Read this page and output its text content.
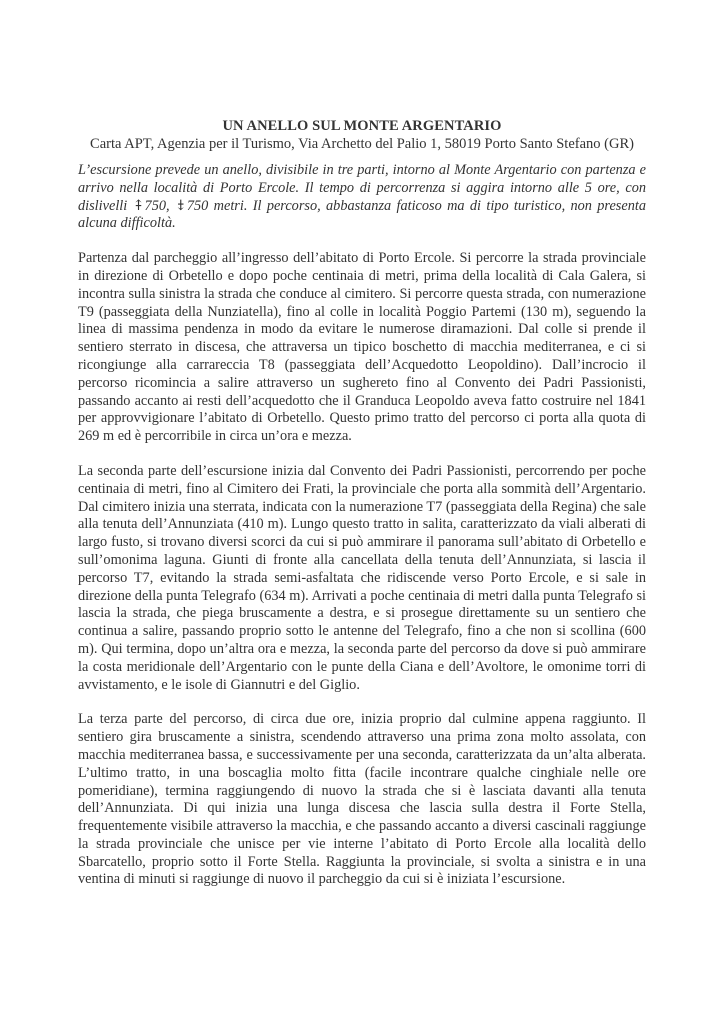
UN ANELLO SUL MONTE ARGENTARIO

Carta APT, Agenzia per il Turismo, Via Archetto del Palio 1, 58019 Porto Santo Stefano (GR)

L’escursione prevede un anello, divisibile in tre parti, intorno al Monte Argentario con partenza e arrivo nella località di Porto Ercole. Il tempo di percorrenza si aggira intorno alle 5 ore, con dislivelli ⤉750, ⤈750 metri. Il percorso, abbastanza faticoso ma di tipo turistico, non presenta alcuna difficoltà.

Partenza dal parcheggio all’ingresso dell’abitato di Porto Ercole. Si percorre la strada provinciale in direzione di Orbetello e dopo poche centinaia di metri, prima della località di Cala Galera, si incontra sulla sinistra la strada che conduce al cimitero. Si percorre questa strada, con numerazione T9 (passeggiata della Nunziatella), fino al colle in località Poggio Partemi (130 m), seguendo la linea di massima pendenza in modo da evitare le numerose diramazioni. Dal colle si prende il sentiero sterrato in discesa, che attraversa un tipico boschetto di macchia mediterranea, e ci si ricongiunge alla carrareccia T8 (passeggiata dell’Acquedotto Leopoldino). Dall’incrocio il percorso ricomincia a salire attraverso un sughereto fino al Convento dei Padri Passionisti, passando accanto ai resti dell’acquedotto che il Granduca Leopoldo aveva fatto costruire nel 1841 per approvvigionare l’abitato di Orbetello. Questo primo tratto del percorso ci porta alla quota di 269 m ed è percorribile in circa un’ora e mezza.

La seconda parte dell’escursione inizia dal Convento dei Padri Passionisti, percorrendo per poche centinaia di metri, fino al Cimitero dei Frati, la provinciale che porta alla sommità dell’Argentario. Dal cimitero inizia una sterrata, indicata con la numerazione T7 (passeggiata della Regina) che sale alla tenuta dell’Annunziata (410 m). Lungo questo tratto in salita, caratterizzato da viali alberati di largo fusto, si trovano diversi scorci da cui si può ammirare il panorama sull’abitato di Orbetello e sull’omonima laguna. Giunti di fronte alla cancellata della tenuta dell’Annunziata, si lascia il percorso T7, evitando la strada semi-asfaltata che ridiscende verso Porto Ercole, e si sale in direzione della punta Telegrafo (634 m). Arrivati a poche centinaia di metri dalla punta Telegrafo si lascia la strada, che piega bruscamente a destra, e si prosegue direttamente su un sentiero che continua a salire, passando proprio sotto le antenne del Telegrafo, fino a che non si scollina (600 m). Qui termina, dopo un’altra ora e mezza, la seconda parte del percorso da dove si può ammirare la costa meridionale dell’Argentario con le punte della Ciana e dell’Avoltore, le omonime torri di avvistamento, e le isole di Giannutri e del Giglio.

La terza parte del percorso, di circa due ore, inizia proprio dal culmine appena raggiunto. Il sentiero gira bruscamente a sinistra, scendendo attraverso una prima zona molto assolata, con macchia mediterranea bassa, e successivamente per una seconda, caratterizzata da un’alta alberata. L’ultimo tratto, in una boscaglia molto fitta (facile incontrare qualche cinghiale nelle ore pomeridiane), termina raggiungendo di nuovo la strada che si è lasciata davanti alla tenuta dell’Annunziata. Di qui inizia una lunga discesa che lascia sulla destra il Forte Stella, frequentemente visibile attraverso la macchia, e che passando accanto a diversi cascinali raggiunge la strada provinciale che unisce per vie interne l’abitato di Porto Ercole alla località dello Sbarcatello, proprio sotto il Forte Stella. Raggiunta la provinciale, si svolta a sinistra e in una ventina di minuti si raggiunge di nuovo il parcheggio da cui si è iniziata l’escursione.
